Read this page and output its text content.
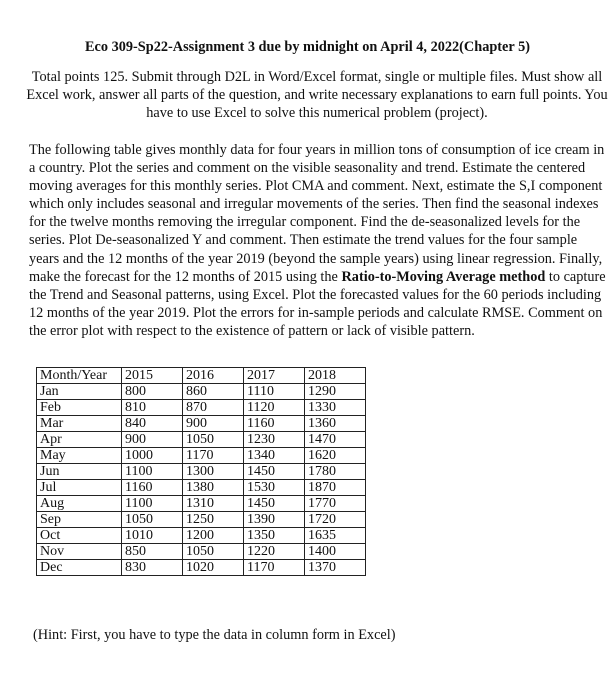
Eco 309-Sp22-Assignment 3 due by midnight on April 4, 2022(Chapter 5)

Total points 125. Submit through D2L in Word/Excel format, single or multiple files. Must show all Excel work, answer all parts of the question, and write necessary explanations to earn full points. You have to use Excel to solve this numerical problem (project).

The following table gives monthly data for four years in million tons of consumption of ice cream in a country. Plot the series and comment on the visible seasonality and trend. Estimate the centered moving averages for this monthly series. Plot CMA and comment. Next, estimate the S,I component which only includes seasonal and irregular movements of the series. Then find the seasonal indexes for the twelve months removing the irregular component. Find the de-seasonalized levels for the series. Plot De-seasonalized Y and comment. Then estimate the trend values for the four sample years and the 12 months of the year 2019 (beyond the sample years) using linear regression. Finally, make the forecast for the 12 months of 2015 using the Ratio-to-Moving Average method to capture the Trend and Seasonal patterns, using Excel. Plot the forecasted values for the 60 periods including 12 months of the year 2019. Plot the errors for in-sample periods and calculate RMSE. Comment on the error plot with respect to the existence of pattern or lack of visible pattern.

Month/Year	2015	2016	2017	2018
Jan	800	860	1110	1290
Feb	810	870	1120	1330
Mar	840	900	1160	1360
Apr	900	1050	1230	1470
May	1000	1170	1340	1620
Jun	1100	1300	1450	1780
Jul	1160	1380	1530	1870
Aug	1100	1310	1450	1770
Sep	1050	1250	1390	1720
Oct	1010	1200	1350	1635
Nov	850	1050	1220	1400
Dec	830	1020	1170	1370

(Hint: First, you have to type the data in column form in Excel)
